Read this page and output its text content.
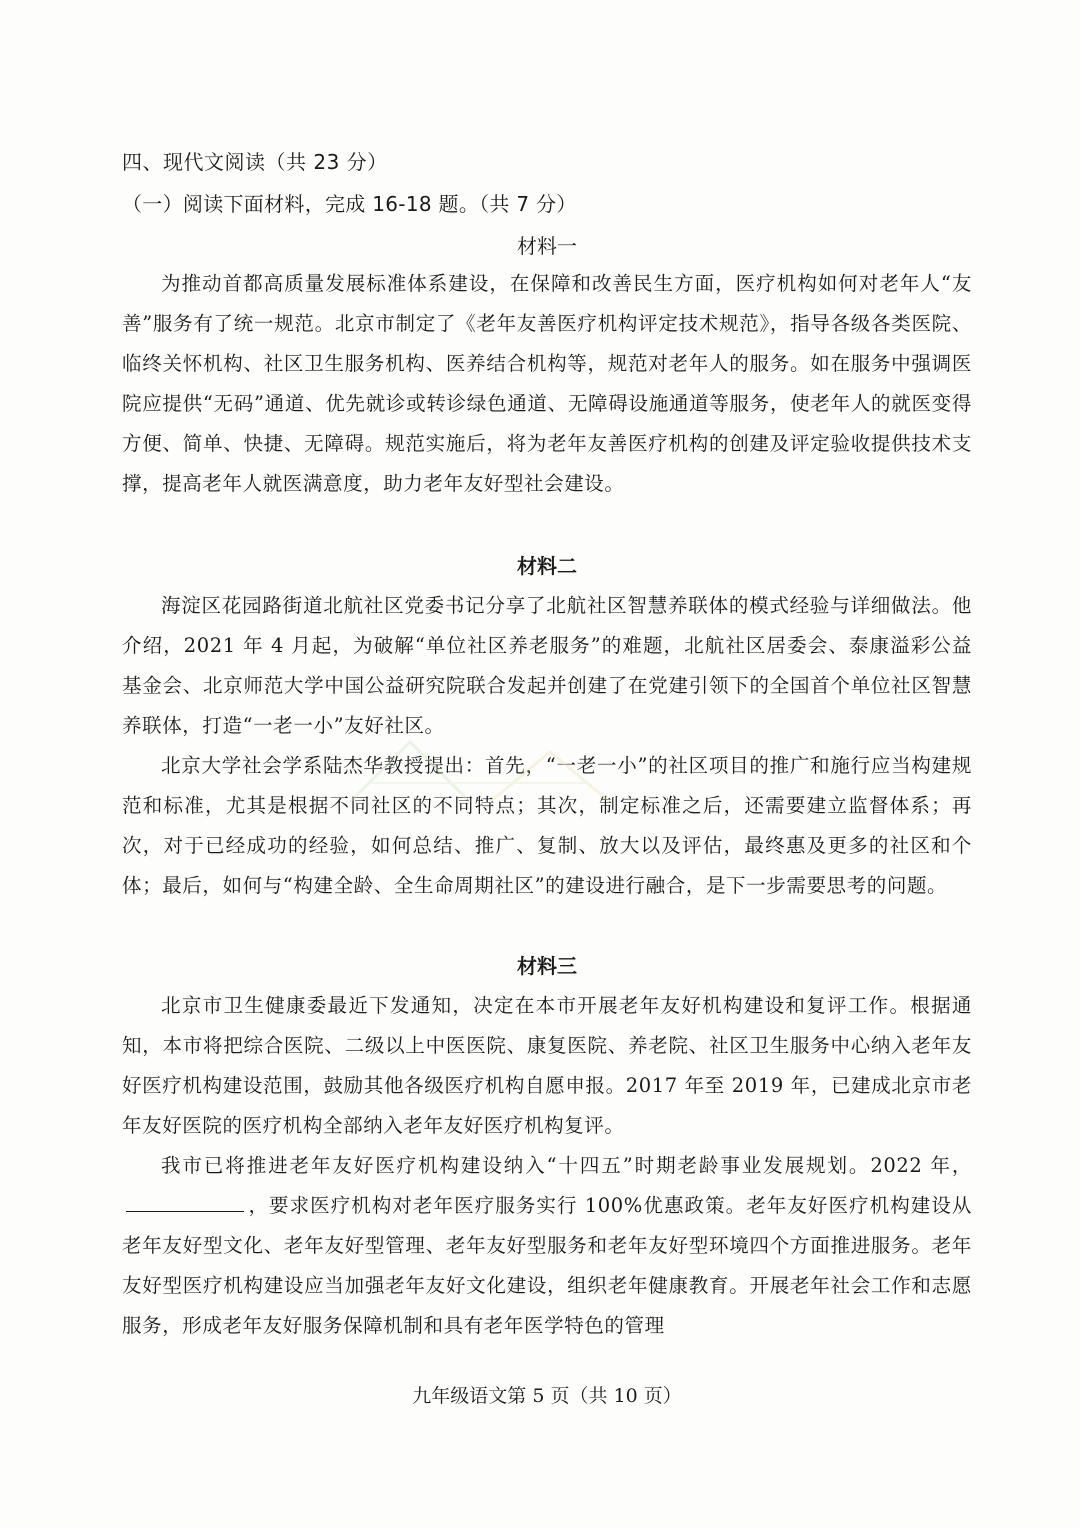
四、现代文阅读（共 23 分）
（一）阅读下面材料，完成 16-18 题。（共 7 分）
材料一
为推动首都高质量发展标准体系建设，在保障和改善民生方面，医疗机构如何对老年人“友善”服务有了统一规范。北京市制定了《老年友善医疗机构评定技术规范》，指导各级各类医院、临终关怀机构、社区卫生服务机构、医养结合机构等，规范对老年人的服务。如在服务中强调医院应提供“无码”通道、优先就诊或转诊绿色通道、无障碍设施通道等服务，使老年人的就医变得方便、简单、快捷、无障碍。规范实施后，将为老年友善医疗机构的创建及评定验收提供技术支撑，提高老年人就医满意度，助力老年友好型社会建设。
材料二
海淀区花园路街道北航社区党委书记分享了北航社区智慧养联体的模式经验与详细做法。他介绍，2021 年 4 月起，为破解“单位社区养老服务”的难题，北航社区居委会、泰康溢彩公益基金会、北京师范大学中国公益研究院联合发起并创建了在党建引领下的全国首个单位社区智慧养联体，打造“一老一小”友好社区。
北京大学社会学系陆杰华教授提出：首先，“一老一小”的社区项目的推广和施行应当构建规范和标准，尤其是根据不同社区的不同特点；其次，制定标准之后，还需要建立监督体系；再次，对于已经成功的经验，如何总结、推广、复制、放大以及评估，最终惠及更多的社区和个体；最后，如何与“构建全龄、全生命周期社区”的建设进行融合，是下一步需要思考的问题。
材料三
北京市卫生健康委最近下发通知，决定在本市开展老年友好机构建设和复评工作。根据通知，本市将把综合医院、二级以上中医医院、康复医院、养老院、社区卫生服务中心纳入老年友好医疗机构建设范围，鼓励其他各级医疗机构自愿申报。2017 年至 2019 年，已建成北京市老年友好医院的医疗机构全部纳入老年友好医疗机构复评。
我市已将推进老年友好医疗机构建设纳入“十四五”时期老龄事业发展规划。2022 年，，要求医疗机构对老年医疗服务实行 100%优惠政策。老年友好医疗机构建设从老年友好型文化、老年友好型管理、老年友好型服务和老年友好型环境四个方面推进服务。老年友好型医疗机构建设应当加强老年友好文化建设，组织老年健康教育。开展老年社会工作和志愿服务，形成老年友好服务保障机制和具有老年医学特色的管理
九年级语文第 5 页（共 10 页）
